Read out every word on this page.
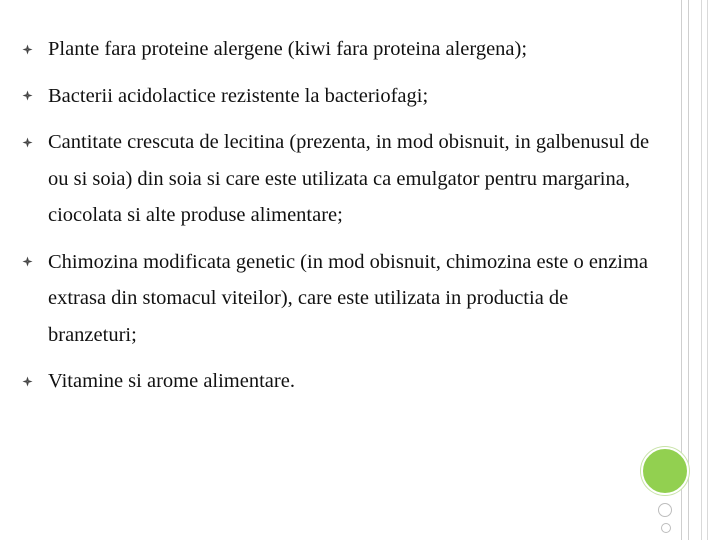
Plante fara proteine alergene (kiwi fara proteina alergena);
Bacterii acidolactice rezistente la bacteriofagi;
Cantitate crescuta de lecitina (prezenta, in mod obisnuit, in galbenusul de ou si soia) din soia si care este utilizata ca emulgator pentru margarina, ciocolata si alte produse alimentare;
Chimozina modificata genetic (in mod obisnuit, chimozina este o enzima extrasa din stomacul viteilor), care este utilizata in productia de branzeturi;
Vitamine si arome alimentare.
